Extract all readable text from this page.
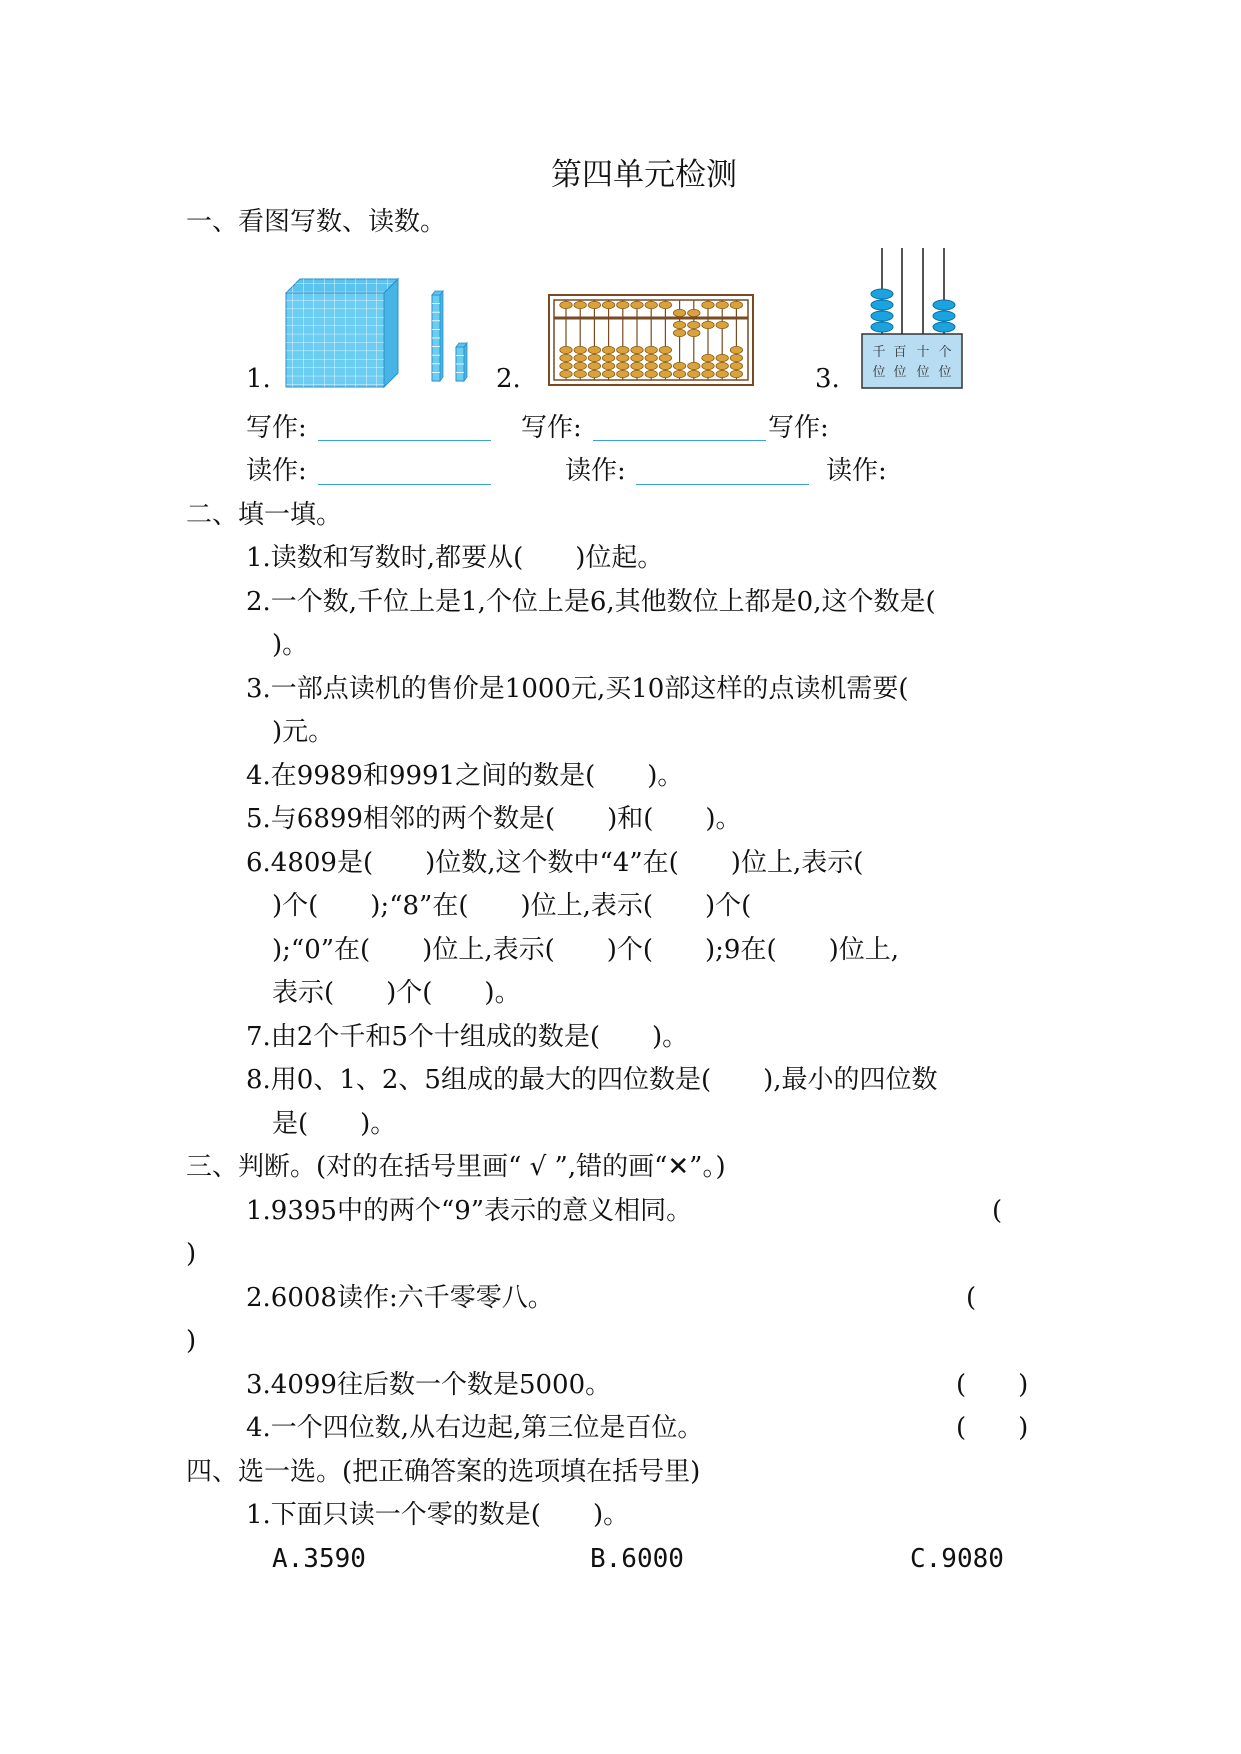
第四单元检测
一、看图写数、读数。
1.	2.	3.
千 百 十 个
位 位 位 位
写作:	写作:	写作:
读作:	读作:	读作:
二、填一填。
1.读数和写数时,都要从(　　)位起。
2.一个数,千位上是1,个位上是6,其他数位上都是0,这个数是(
)。
3.一部点读机的售价是1000元,买10部这样的点读机需要(
)元。
4.在9989和9991之间的数是(　　)。
5.与6899相邻的两个数是(　　)和(　　)。
6.4809是(　　)位数,这个数中“4”在(　　)位上,表示(
)个(　　);“8”在(　　)位上,表示(　　)个(
);“0”在(　　)位上,表示(　　)个(　　);9在(　　)位上,
表示(　　)个(　　)。
7.由2个千和5个十组成的数是(　　)。
8.用0、1、2、5组成的最大的四位数是(　　),最小的四位数
是(　　)。
三、判断。(对的在括号里画“ √ ”,错的画“✕”。)
1.9395中的两个“9”表示的意义相同。	(
)
2.6008读作:六千零零八。	(
)
3.4099往后数一个数是5000。	(　　)
4.一个四位数,从右边起,第三位是百位。	(　　)
四、选一选。(把正确答案的选项填在括号里)
1.下面只读一个零的数是(　　)。
A.3590	B.6000	C.9080
